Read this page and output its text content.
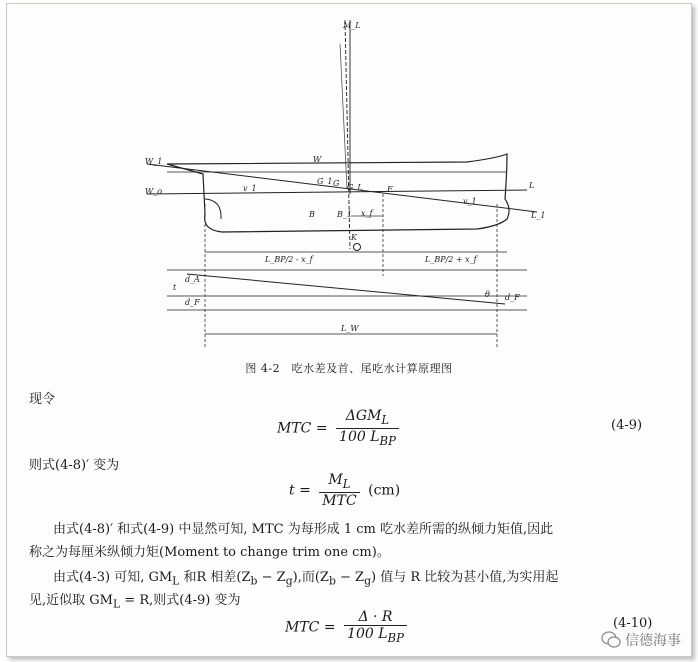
M_L
W_1
W_o
W
L
L_1
v_1
v_1
G_1 G G_L	F
B	B_1 x_f
K
L_BP/2 - x_f	L_BP/2 + x_f
t
d_A
d_F
d_F
θ
L_W
图 4-2　吃水差及首、尾吃水计算原理图
现令
MTC = $\frac{\Delta GM_L}{100 L_{BP}}$	(4-9)
则式(4-8)′ 变为
$t = \frac{M_L}{\text{MTC}} (cm)$
由式(4-8)′ 和式(4-9) 中显然可知, MTC 为每形成 1 cm 吃水差所需的纵倾力矩值,因此
称之为每厘米纵倾力矩(Moment to change trim one cm)。
由式(4-3) 可知, $GM_L$ 和R 相差$(Z_b - Z_g)$,而$(Z_b - Z_g)$ 值与 R 比较为甚小值,为实用起
见,近似取 $GM_L = R$,则式(4-9) 变为
MTC = $\frac{\Delta \cdot R}{100 L_{BP}}$	(4-10)
信德海事
